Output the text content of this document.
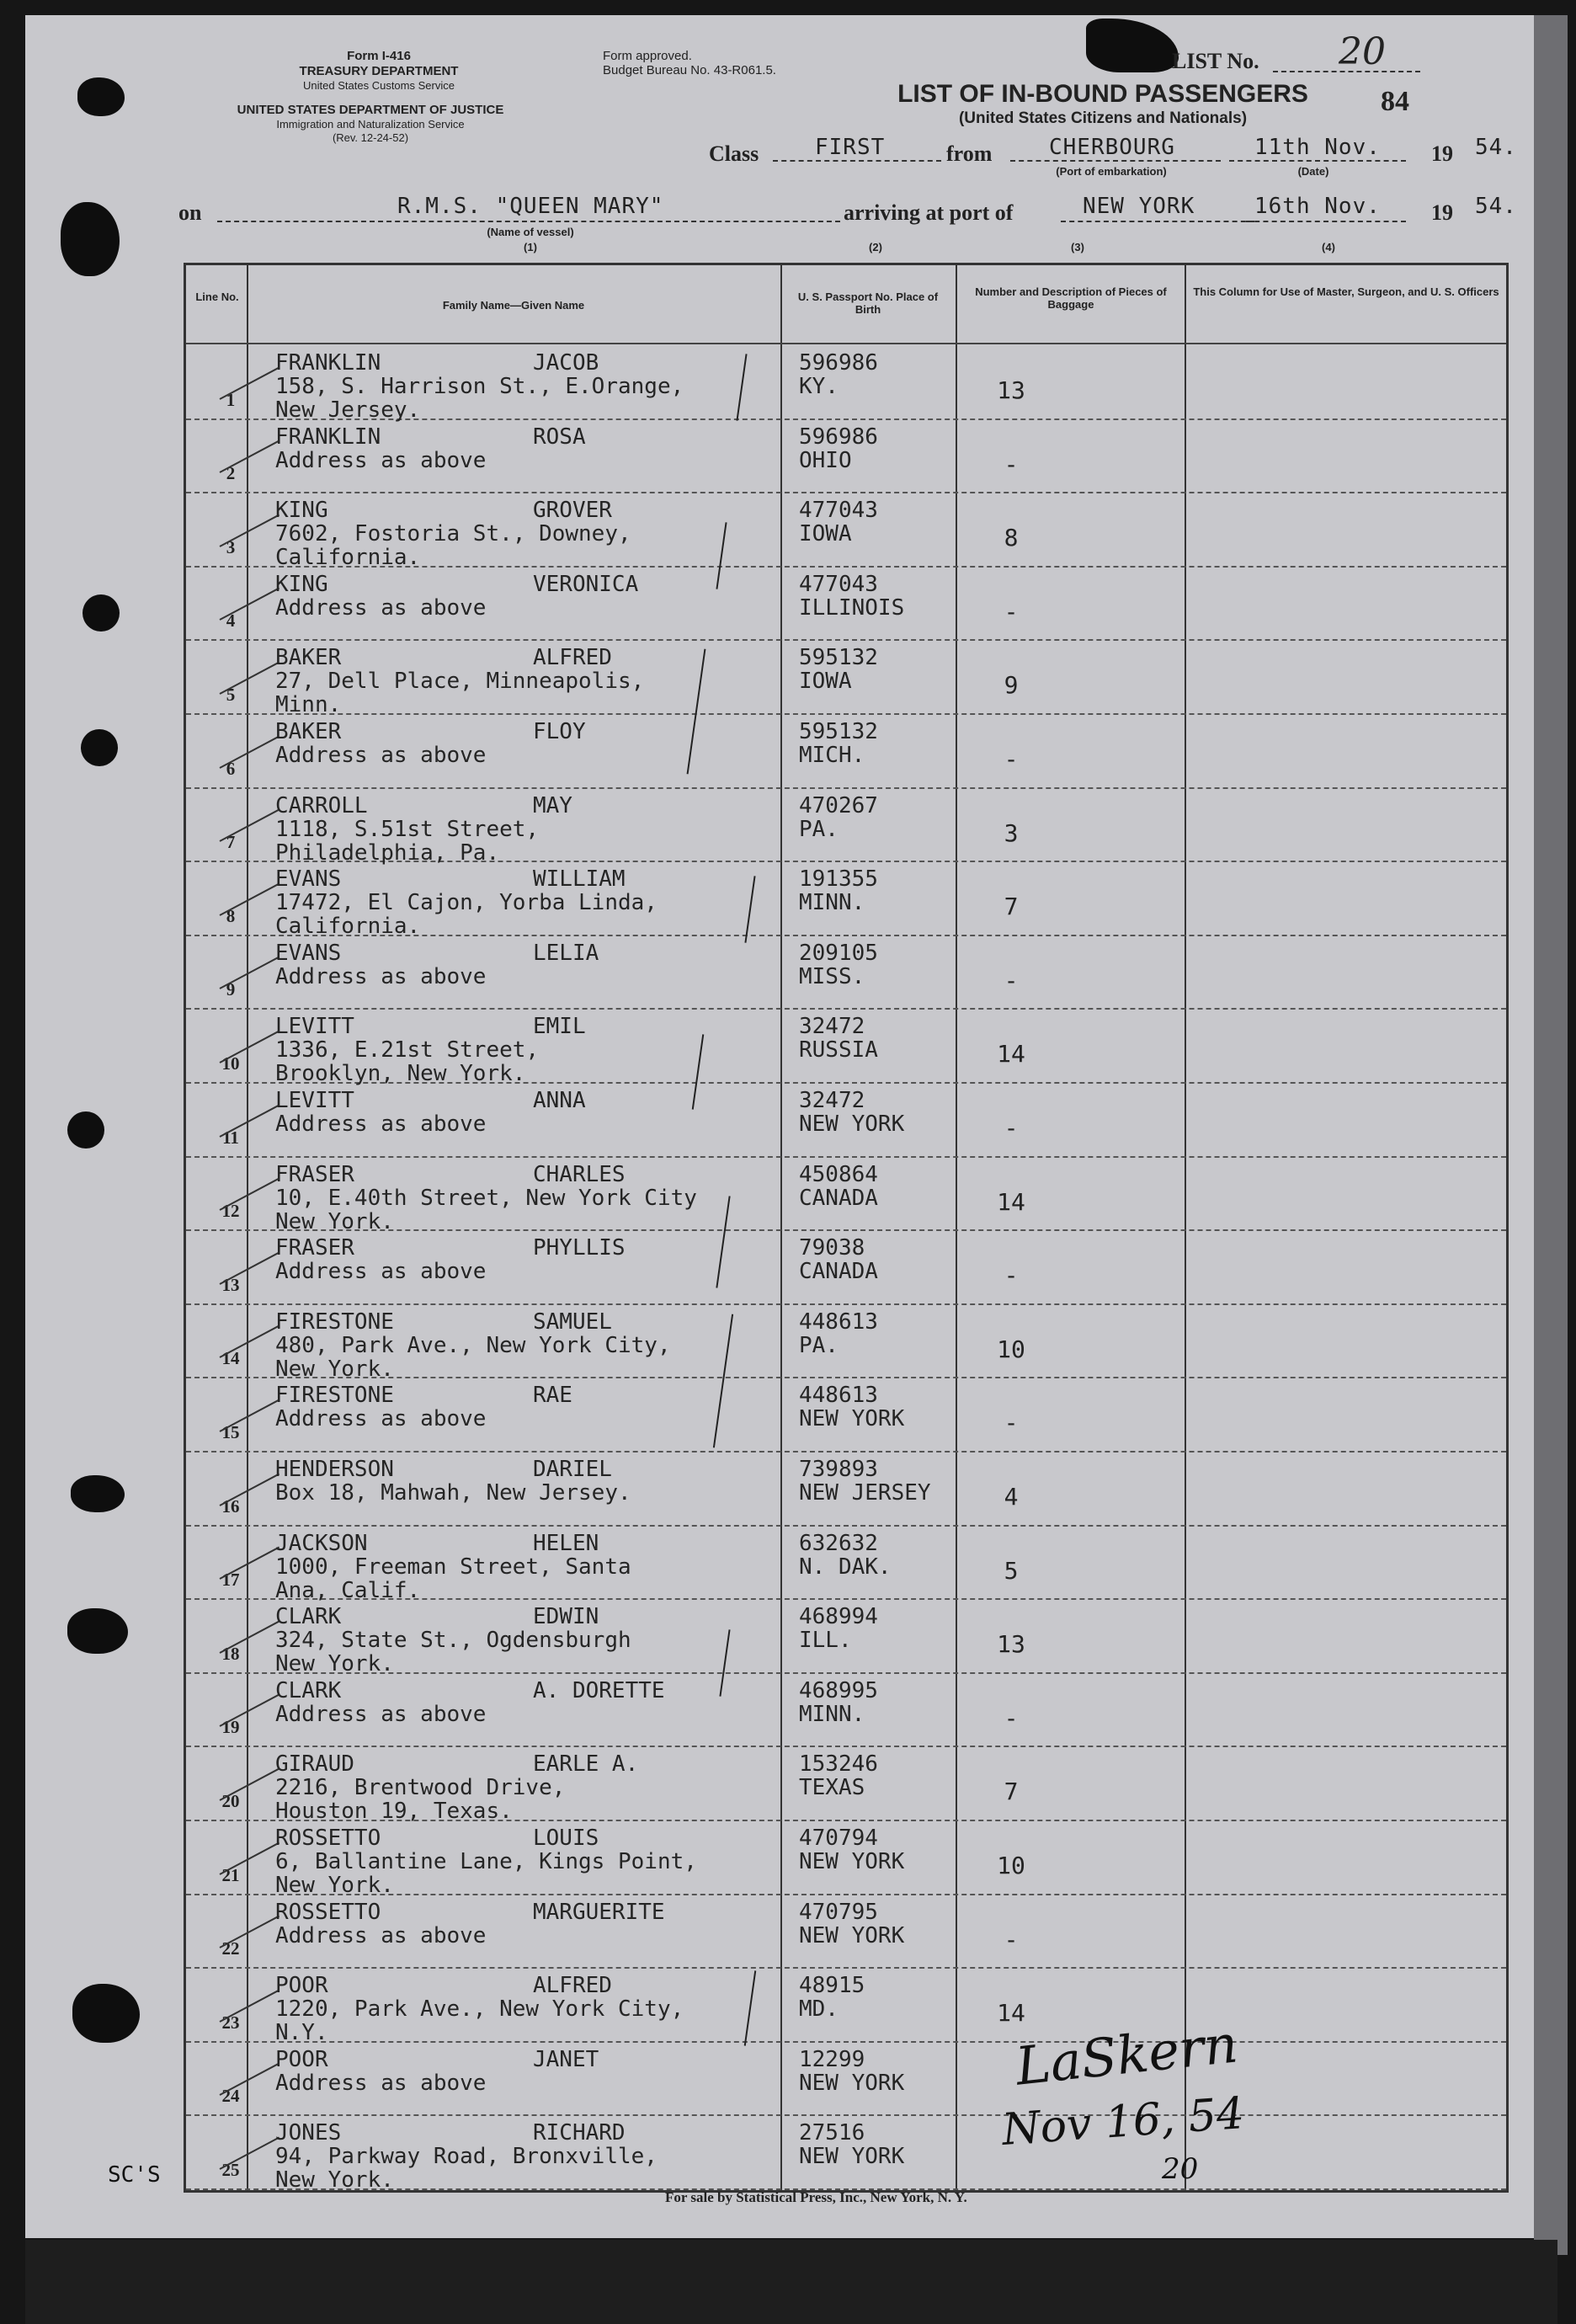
Form I-416
TREASURY DEPARTMENT
United States Customs Service
UNITED STATES DEPARTMENT OF JUSTICE
Immigration and Naturalization Service
(Rev. 12-24-52)
Form approved.
Budget Bureau No. 43-R061.5.
LIST OF IN-BOUND PASSENGERS
(United States Citizens and Nationals)
LIST No. 20
84
Class	FIRST	from	CHERBOURG
(Port of embarkation)
11th Nov.
(Date)
19 54.
on	R.M.S. "QUEEN MARY"
(Name of vessel)
(1)
arriving at port of	NEW YORK	16th Nov. 19 54.
(2)	(3)	(4)
Line No.
Family Name—Given Name
U. S. Passport No. Place of Birth
Number and Description of Pieces of Baggage
This Column for Use of Master, Surgeon, and U. S. Officers
1
FRANKLIN	JACOB
158, S. Harrison St., E.Orange,
New Jersey.
596986
KY.	13
2
FRANKLIN	ROSA
Address as above
596986
OHIO	-
3
KING	GROVER
7602, Fostoria St., Downey,
California.
477043
IOWA	8
4
KING	VERONICA
Address as above
477043
ILLINOIS	-
5
BAKER	ALFRED
27, Dell Place, Minneapolis,
Minn.
595132
IOWA	9
6
BAKER	FLOY
Address as above
595132
MICH.	-
7
CARROLL	MAY
1118, S.51st Street,
Philadelphia, Pa.
470267
PA.	3
8
EVANS	WILLIAM
17472, El Cajon, Yorba Linda,
California.
191355
MINN.	7
9
EVANS	LELIA
Address as above
209105
MISS.	-
10
LEVITT	EMIL
1336, E.21st Street,
Brooklyn, New York.
32472
RUSSIA	14
11
LEVITT	ANNA
Address as above
32472
NEW YORK	-
12
FRASER	CHARLES
10, E.40th Street, New York City
New York.
450864
CANADA	14
13
FRASER	PHYLLIS
Address as above
79038
CANADA	-
14
FIRESTONE	SAMUEL
480, Park Ave., New York City,
New York.
448613
PA.	10
15
FIRESTONE	RAE
Address as above
448613
NEW YORK	-
16
HENDERSON	DARIEL
Box 18, Mahwah, New Jersey.
739893
NEW JERSEY	4
17
JACKSON	HELEN
1000, Freeman Street, Santa
Ana, Calif.
632632
N. DAK.	5
18
CLARK	EDWIN
324, State St., Ogdensburgh
New York.
468994
ILL.	13
19
CLARK	A. DORETTE
Address as above
468995
MINN.	-
20
GIRAUD	EARLE A.
2216, Brentwood Drive,
Houston 19, Texas.
153246
TEXAS	7
21
ROSSETTO	LOUIS
6, Ballantine Lane, Kings Point,
New York.
470794
NEW YORK	10
22
ROSSETTO	MARGUERITE
Address as above
470795
NEW YORK	-
23
POOR	ALFRED
1220, Park Ave., New York City,
N.Y.
48915
MD.	14
24
POOR	JANET
Address as above
12299
NEW YORK
25
JONES	RICHARD
94, Parkway Road, Bronxville,
New York.
27516
NEW YORK
SC'S
LaSkern
Nov 16, 54
20
For sale by Statistical Press, Inc., New York, N. Y.
